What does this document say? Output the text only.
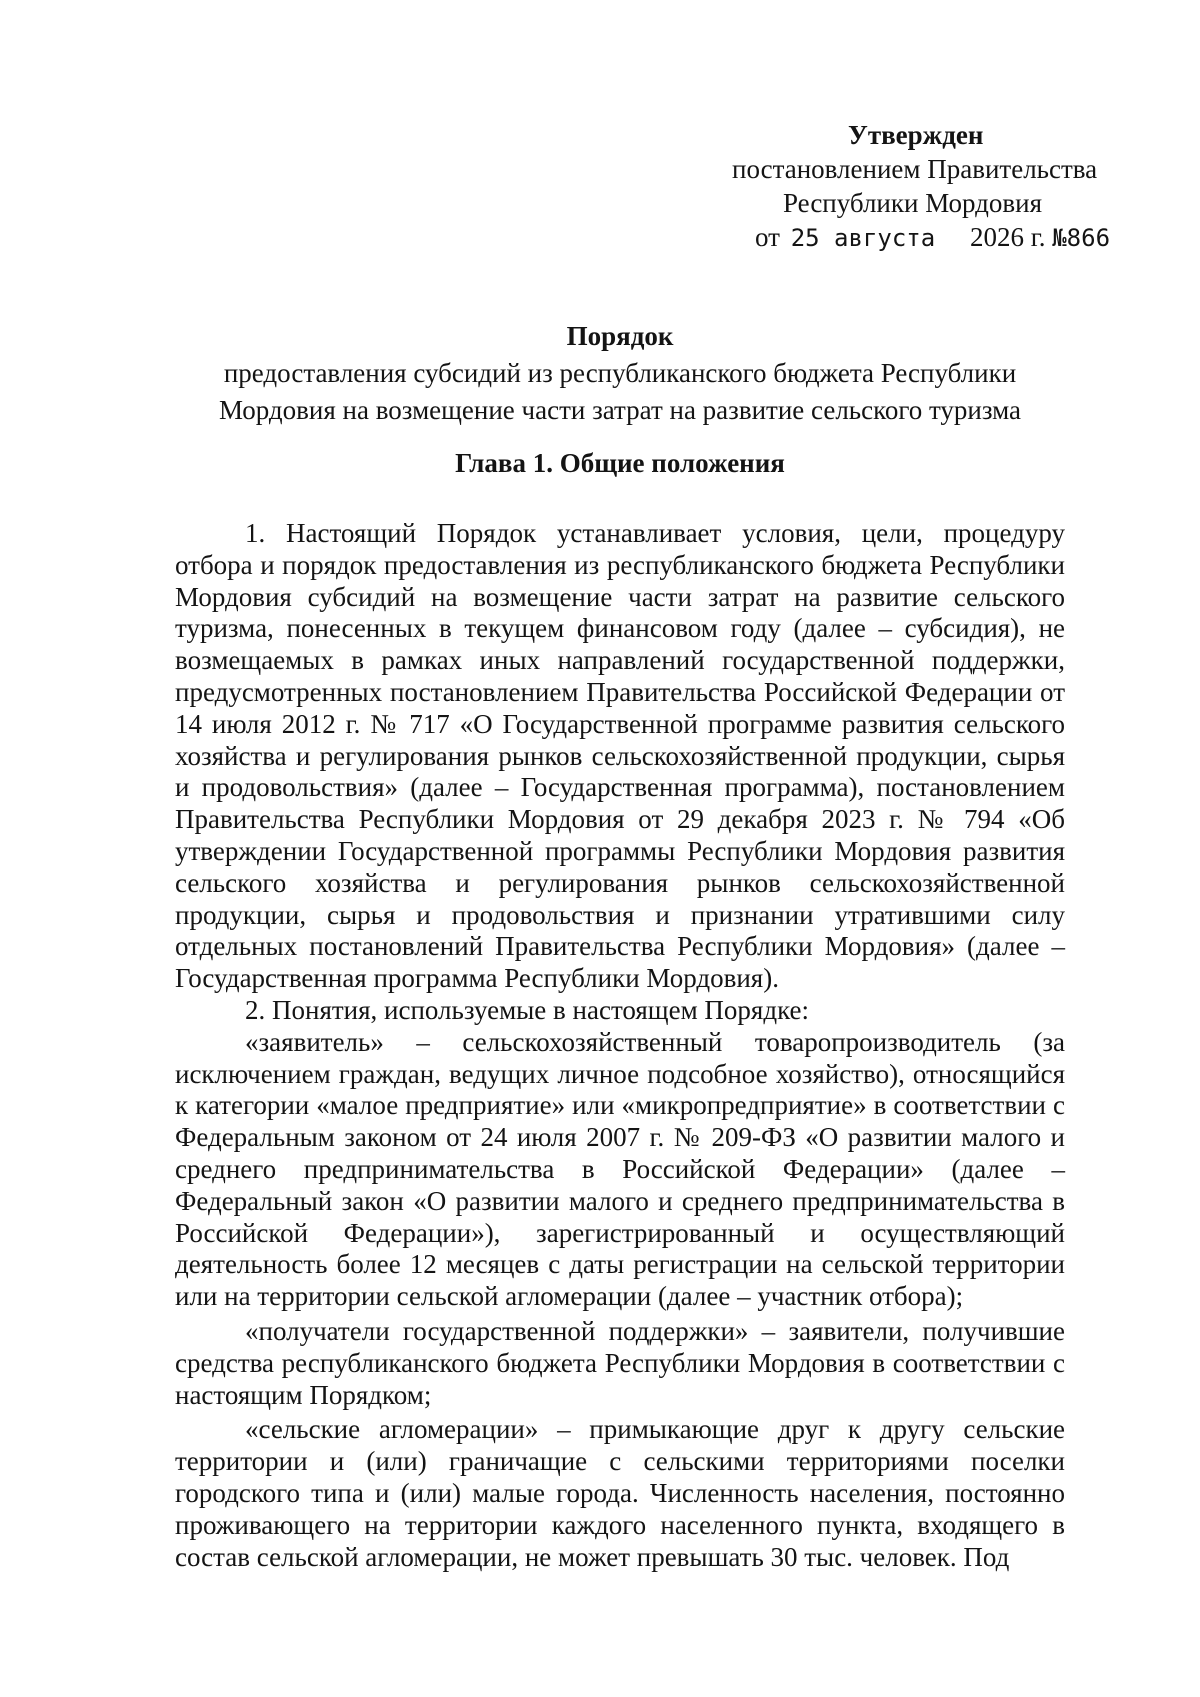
Утвержден
постановлением Правительства
Республики Мордовия
от 25 августа 2026 г. №866
Порядок
предоставления субсидий из республиканского бюджета Республики
Мордовия на возмещение части затрат на развитие сельского туризма
Глава 1. Общие положения

1. Настоящий Порядок устанавливает условия, цели, процедуру отбора и порядок предоставления из республиканского бюджета Республики Мордовия субсидий на возмещение части затрат на развитие сельского туризма, понесенных в текущем финансовом году (далее – субсидия), не возмещаемых в рамках иных направлений государственной поддержки, предусмотренных постановлением Правительства Российской Федерации от 14 июля 2012 г. № 717 «О Государственной программе развития сельского хозяйства и регулирования рынков сельскохозяйственной продукции, сырья и продовольствия» (далее – Государственная программа), постановлением Правительства Республики Мордовия от 29 декабря 2023 г. № 794 «Об утверждении Государственной программы Республики Мордовия развития сельского хозяйства и регулирования рынков сельскохозяйственной продукции, сырья и продовольствия и признании утратившими силу отдельных постановлений Правительства Республики Мордовия» (далее – Государственная программа Республики Мордовия).

2. Понятия, используемые в настоящем Порядке:

«заявитель» – сельскохозяйственный товаропроизводитель (за исключением граждан, ведущих личное подсобное хозяйство), относящийся к категории «малое предприятие» или «микропредприятие» в соответствии с Федеральным законом от 24 июля 2007 г. № 209-ФЗ «О развитии малого и среднего предпринимательства в Российской Федерации» (далее – Федеральный закон «О развитии малого и среднего предпринимательства в Российской Федерации»), зарегистрированный и осуществляющий деятельность более 12 месяцев с даты регистрации на сельской территории или на территории сельской агломерации (далее – участник отбора);

«получатели государственной поддержки» – заявители, получившие средства республиканского бюджета Республики Мордовия в соответствии с настоящим Порядком;

«сельские агломерации» – примыкающие друг к другу сельские территории и (или) граничащие с сельскими территориями поселки городского типа и (или) малые города. Численность населения, постоянно проживающего на территории каждого населенного пункта, входящего в состав сельской агломерации, не может превышать 30 тыс. человек. Под
